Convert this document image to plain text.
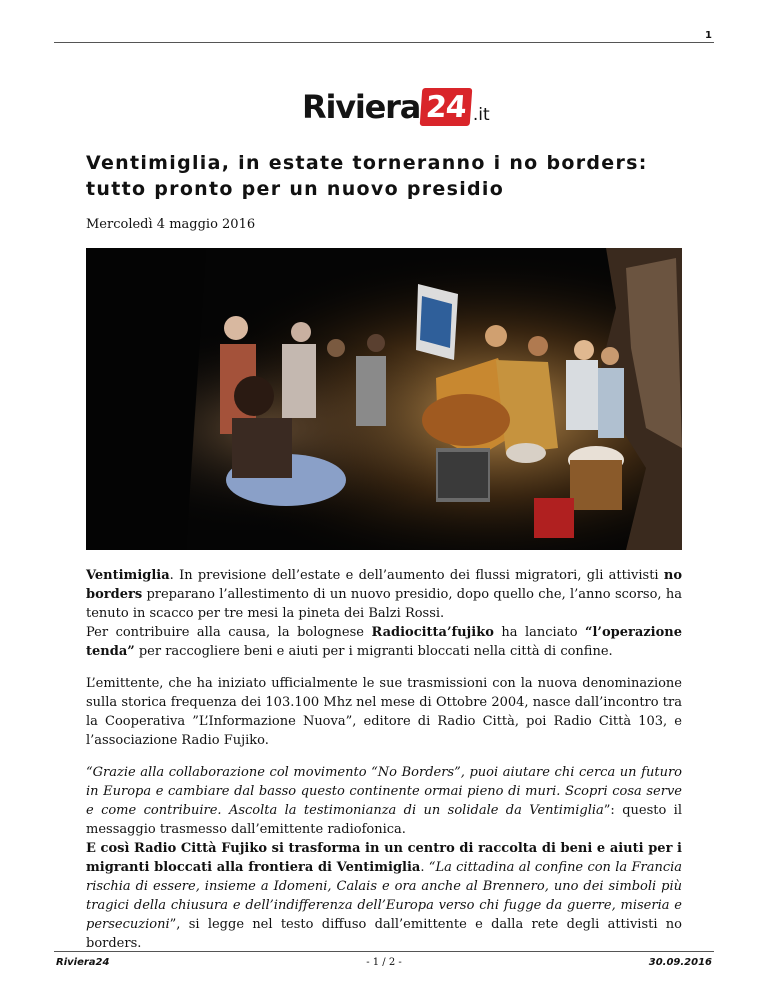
1
Riviera 24 .it
Ventimiglia, in estate torneranno i no borders: tutto pronto per un nuovo presidio
Mercoledì 4 maggio 2016

Ventimiglia. In previsione dell’estate e dell’aumento dei flussi migratori, gli attivisti no borders preparano l’allestimento di un nuovo presidio, dopo quello che, l’anno scorso, ha tenuto in scacco per tre mesi la pineta dei Balzi Rossi.

Per contribuire alla causa, la bolognese Radiocitta’fujiko ha lanciato “l’operazione tenda” per raccogliere beni e aiuti per i migranti bloccati nella città di confine.

L’emittente, che ha iniziato ufficialmente le sue trasmissioni con la nuova denominazione sulla storica frequenza dei 103.100 Mhz nel mese di Ottobre 2004, nasce dall’incontro tra la Cooperativa ”L’Informazione Nuova”, editore di Radio Città, poi Radio Città 103, e l’associazione Radio Fujiko.

“Grazie alla collaborazione col movimento “No Borders”, puoi aiutare chi cerca un futuro in Europa e cambiare dal basso questo continente ormai pieno di muri. Scopri cosa serve e come contribuire. Ascolta la testimonianza di un solidale da Ventimiglia”: questo il messaggio trasmesso dall’emittente radiofonica.

E così Radio Città Fujiko si trasforma in un centro di raccolta di beni e aiuti per i migranti bloccati alla frontiera di Ventimiglia. “La cittadina al confine con la Francia rischia di essere, insieme a Idomeni, Calais e ora anche al Brennero, uno dei simboli più tragici della chiusura e dell’indifferenza dell’Europa verso chi fugge da guerre, miseria e persecuzioni”, si legge nel testo diffuso dall’emittente e dalla rete degli attivisti no borders.

Riviera24	- 1 / 2 -	30.09.2016
